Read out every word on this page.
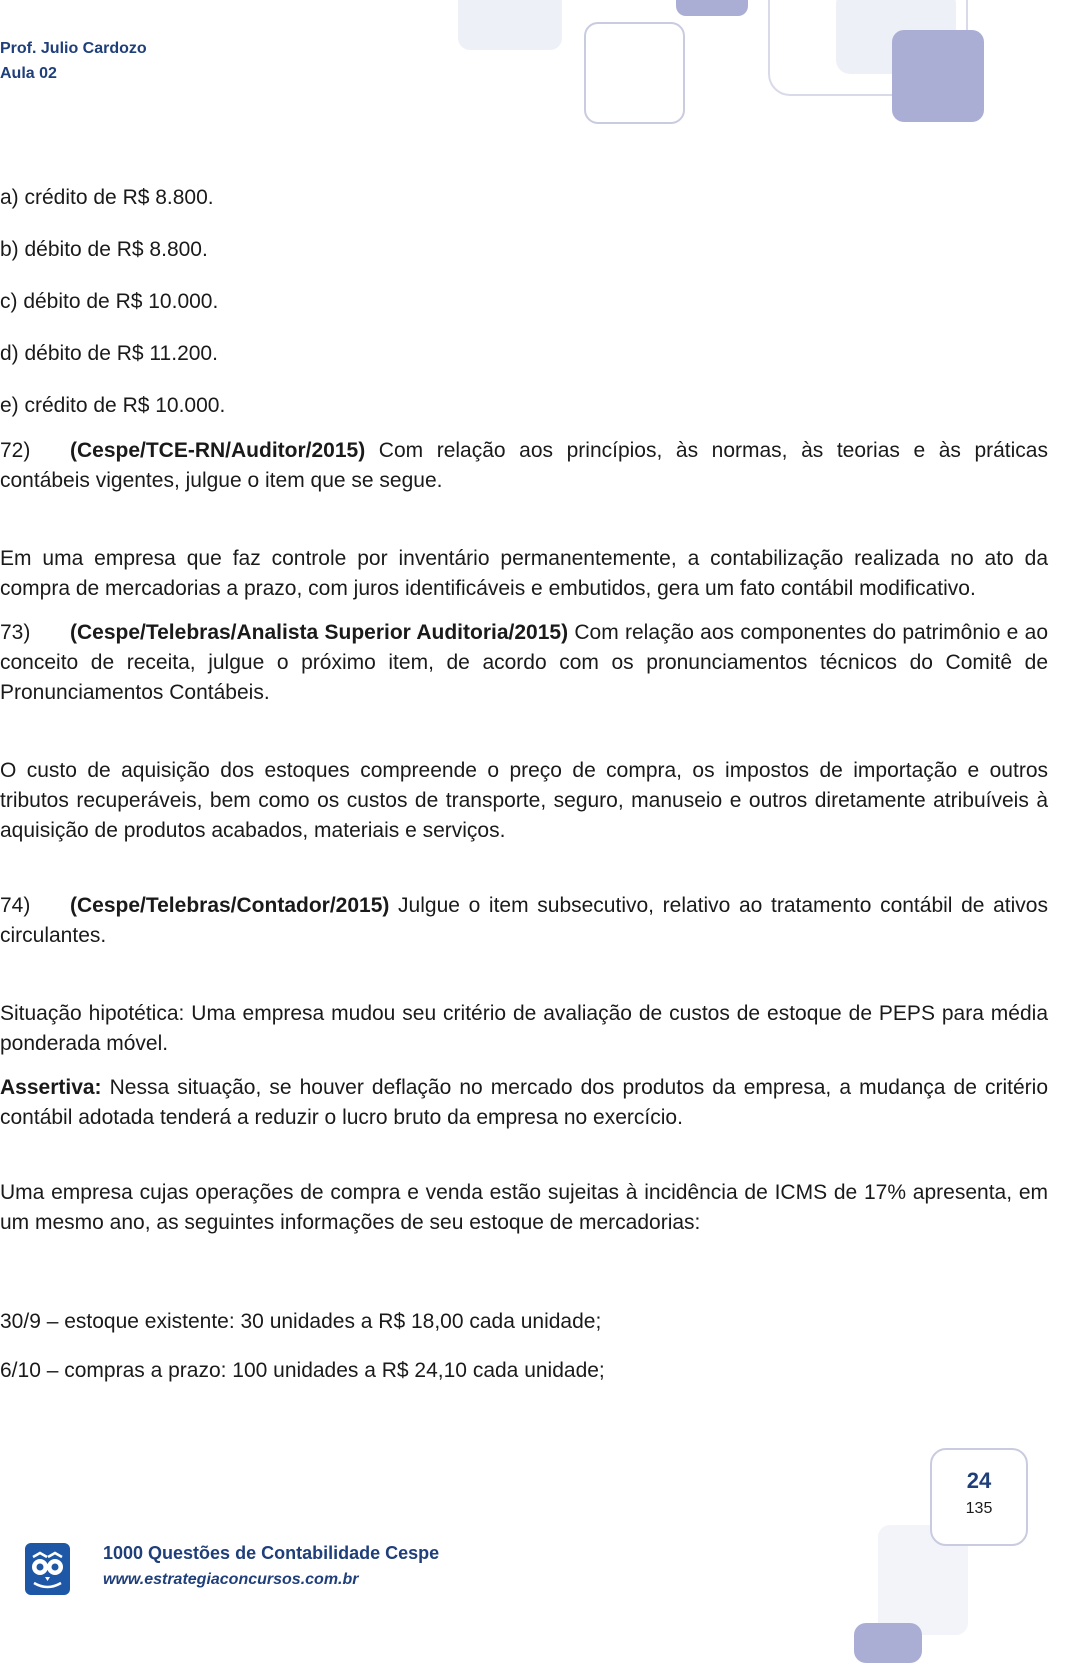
Prof. Julio Cardozo
Aula 02

a) crédito de R$ 8.800.

b) débito de R$ 8.800.

c) débito de R$ 10.000.

d) débito de R$ 11.200.

e) crédito de R$ 10.000.

72) (Cespe/TCE-RN/Auditor/2015) Com relação aos princípios, às normas, às teorias e às práticas contábeis vigentes, julgue o item que se segue.

Em uma empresa que faz controle por inventário permanentemente, a contabilização realizada no ato da compra de mercadorias a prazo, com juros identificáveis e embutidos, gera um fato contábil modificativo.

73) (Cespe/Telebras/Analista Superior Auditoria/2015) Com relação aos componentes do patrimônio e ao conceito de receita, julgue o próximo item, de acordo com os pronunciamentos técnicos do Comitê de Pronunciamentos Contábeis.

O custo de aquisição dos estoques compreende o preço de compra, os impostos de importação e outros tributos recuperáveis, bem como os custos de transporte, seguro, manuseio e outros diretamente atribuíveis à aquisição de produtos acabados, materiais e serviços.

74) (Cespe/Telebras/Contador/2015) Julgue o item subsecutivo, relativo ao tratamento contábil de ativos circulantes.

Situação hipotética: Uma empresa mudou seu critério de avaliação de custos de estoque de PEPS para média ponderada móvel.

Assertiva: Nessa situação, se houver deflação no mercado dos produtos da empresa, a mudança de critério contábil adotada tenderá a reduzir o lucro bruto da empresa no exercício.

Uma empresa cujas operações de compra e venda estão sujeitas à incidência de ICMS de 17% apresenta, em um mesmo ano, as seguintes informações de seu estoque de mercadorias:

30/9 – estoque existente: 30 unidades a R$ 18,00 cada unidade;

6/10 – compras a prazo: 100 unidades a R$ 24,10 cada unidade;

1000 Questões de Contabilidade Cespe
www.estrategiaconcursos.com.br
24
135
